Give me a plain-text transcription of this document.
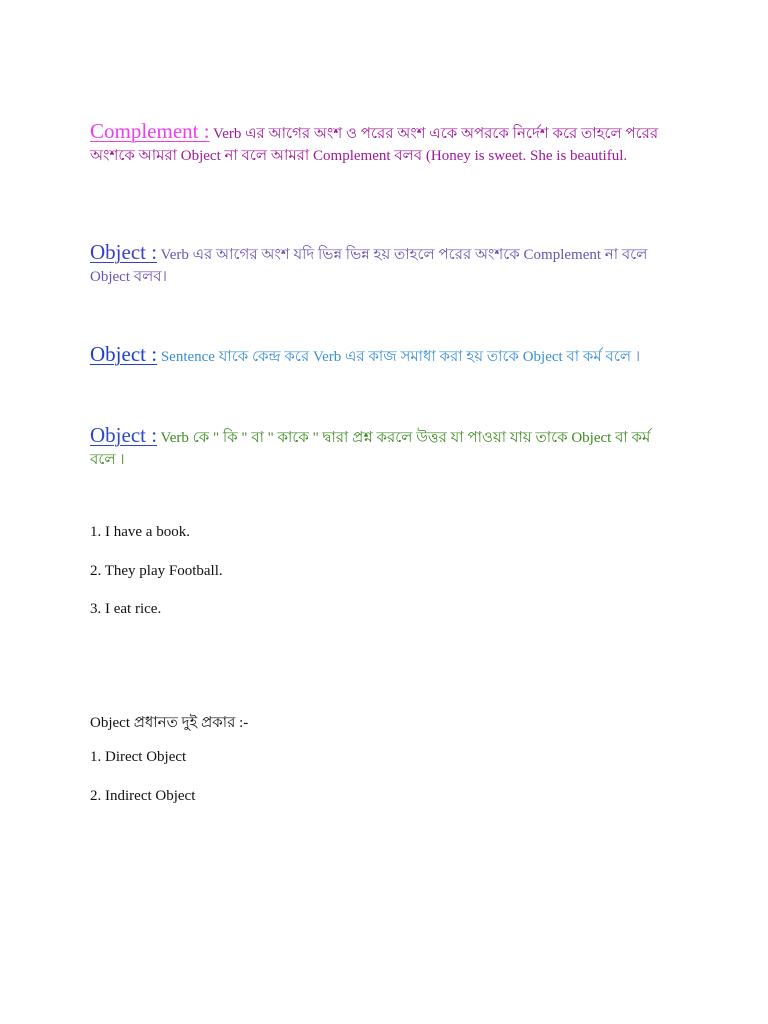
Complement : Verb এর আগের অংশ ও পরের অংশ একে অপরকে নির্দেশ করে তাহলে পরের অংশকে আমরা Object না বলে আমরা Complement বলব (Honey is sweet. She is beautiful.
Object : Verb এর আগের অংশ যদি ভিন্ন ভিন্ন হয় তাহলে পরের অংশকে Complement না বলে Object বলব।
Object : Sentence যাকে কেন্দ্র করে Verb এর কাজ সমাধা করা হয় তাকে Object বা কর্ম বলে ।
Object : Verb কে " কি " বা " কাকে " দ্বারা প্রশ্ন করলে উত্তর যা পাওয়া যায় তাকে Object বা কর্ম বলে ।
1. I have a book.
2. They play Football.
3. I eat rice.
Object প্রধানত দুই প্রকার :-
1. Direct Object
2. Indirect Object
